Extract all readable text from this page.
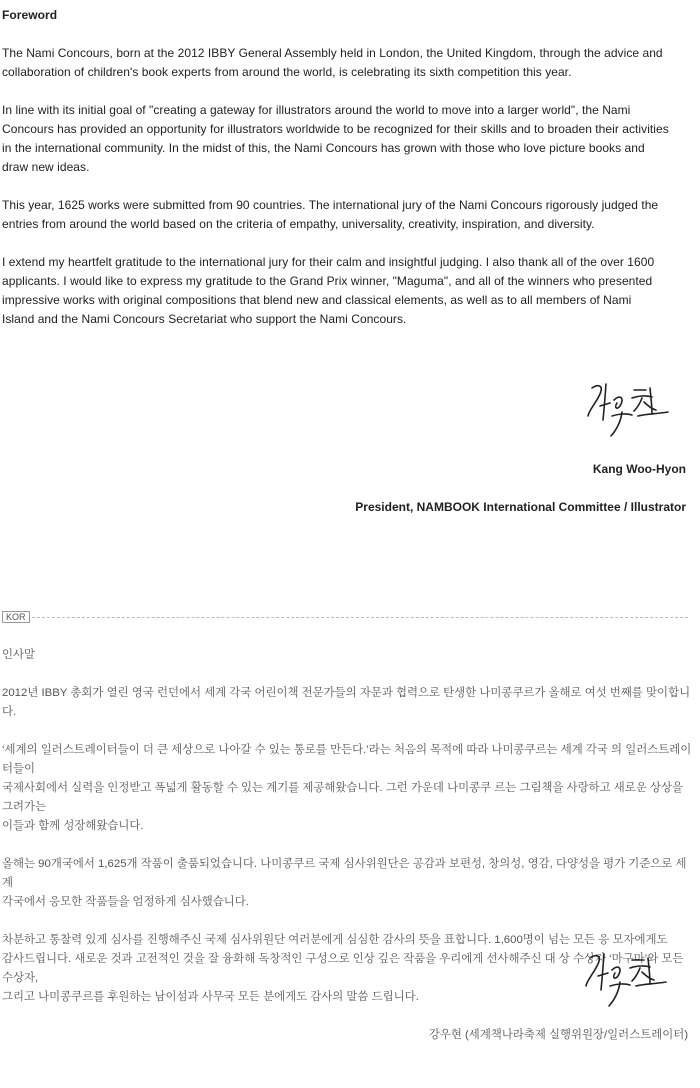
Foreword

The Nami Concours, born at the 2012 IBBY General Assembly held in London, the United Kingdom, through the advice and

collaboration of children's book experts from around the world, is celebrating its sixth competition this year.

In line with its initial goal of "creating a gateway for illustrators around the world to move into a larger world", the Nami

Concours has provided an opportunity for illustrators worldwide to be recognized for their skills and to broaden their activities

in the international community. In the midst of this, the Nami Concours has grown with those who love picture books and

draw new ideas.

This year, 1625 works were submitted from 90 countries. The international jury of the Nami Concours rigorously judged the

entries from around the world based on the criteria of empathy, universality, creativity, inspiration, and diversity.

I extend my heartfelt gratitude to the international jury for their calm and insightful judging. I also thank all of the over 1600

applicants. I would like to express my gratitude to the Grand Prix winner, "Maguma", and all of the winners who presented

impressive works with original compositions that blend new and classical elements, as well as to all members of Nami

Island and the Nami Concours Secretariat who support the Nami Concours.

Kang Woo-Hyon
President, NAMBOOK International Committee / Illustrator
KOR

인사말

2012년 IBBY 총회가 열린 영국 런던에서 세계 각국 어린이책 전문가들의 자문과 협력으로 탄생한 나미콩쿠르가 올해로 여섯 번째를 맞이합니다.

‘세계의 일러스트레이터들이 더 큰 세상으로 나아갈 수 있는 통로를 만든다.’라는 처음의 목적에 따라 나미콩쿠르는 세계 각국 의 일러스트레이터들이

국제사회에서 실력을 인정받고 폭넓게 활동할 수 있는 계기를 제공해왔습니다. 그런 가운데 나미콩쿠 르는 그림책을 사랑하고 새로운 상상을 그려가는

이들과 함께 성장해왔습니다.

올해는 90개국에서 1,625개 작품이 출품되었습니다. 나미콩쿠르 국제 심사위원단은 공감과 보편성, 창의성, 영감, 다양성을 평가 기준으로 세계

각국에서 응모한 작품들을 엄정하게 심사했습니다.

차분하고 통찰력 있게 심사를 진행해주신 국제 심사위원단 여러분에게 심심한 감사의 뜻을 표합니다. 1,600명이 넘는 모든 응 모자에게도

감사드립니다. 새로운 것과 고전적인 것을 잘 융화해 독창적인 구성으로 인상 깊은 작품을 우리에게 선사해주신 대 상 수상자 ‘마구마’와 모든 수상자,

그리고 나미콩쿠르를 후원하는 남이섬과 사무국 모든 분에게도 감사의 말씀 드립니다.

강우현 (세계책나라축제 실행위원장/일러스트레이터)
